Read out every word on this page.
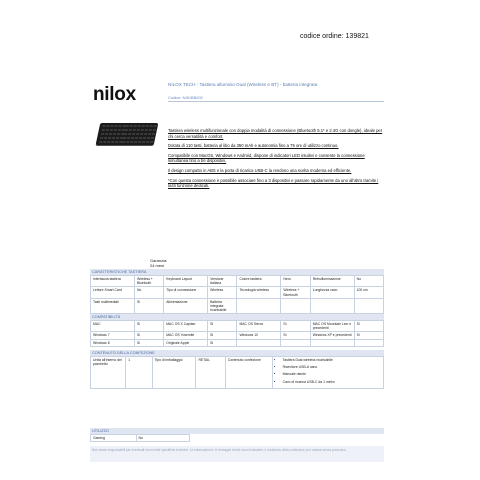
codice ordine: 139821
nilox	NILOX TECH - Tastiera alluminio Dual (Wireless e BT) - batteria integrata
Codice: NXKBB002

Tastiera wireless multifunzionale con doppia modalità di connessione (Bluetooth 5.1* e 2.4G con dongle), ideale per chi cerca versatilità e comfort.

Dotata di 110 tasti, batteria al litio da 350 mAh e autonomia fino a 75 ore di utilizzo continuo.

Compatibile con MacOS, Windows e Android, dispone di indicatori LED intuitivi e consente la connessione simultanea fino a tre dispositivi.

Il design compatto in ABS e la porta di ricarica USB-C la rendono una scelta moderna ed efficiente.

*Con questa connessione è possibile associare fino a 3 dispositivi e passare rapidamente da uno all'altro tramite i tasti funzione dedicati.

Garanzia:
24 mesi
CARATTERISTICHE TASTIERA
Interfaccia tastiera	Wireless + Bluetooth	Keyboard Layout	Versione Italiana	Colore tastiera	Nero	Retroilluminazione	No
Lettore Smart Card	No	Tipo di connessione	Wireless	Tecnologia wireless	Wireless + Bluetooth	Lunghezza cavo	100 cm
Tasti multimediali	Sì	Alimentazione	Batteria integrata ricaricabile				
COMPATIBILITÀ
MAC	Sì	MAC OS X Capitan	Sì	MAC OS Sierra	Sì	MAC OS Mountain Lion e precedenti	Sì
Windows 7	Sì	MAC OS Yosemite	Sì	Windows 10	Sì	Windows XP e precedenti	Sì
Windows 8	Sì	Originale Apple	Sì				
CONTENUTO DELLA CONFEZIONE
Unità all'interno del pacchetto	1	Tipo di imballaggio	RETAIL	Contenuto confezione	
•Tastiera Dual wireless ricaricabile
• Ricevitore USB-A nano
• Manuale utente
• Cavo di ricarica USB-C da 1 metro
UTILIZZO
Gaming	No
Non siamo responsabili per eventuali errori nelle specifiche tecniche. Le informazioni e le immagini fornite sono indicative; il contenuto della confezione può variare senza preavviso.
